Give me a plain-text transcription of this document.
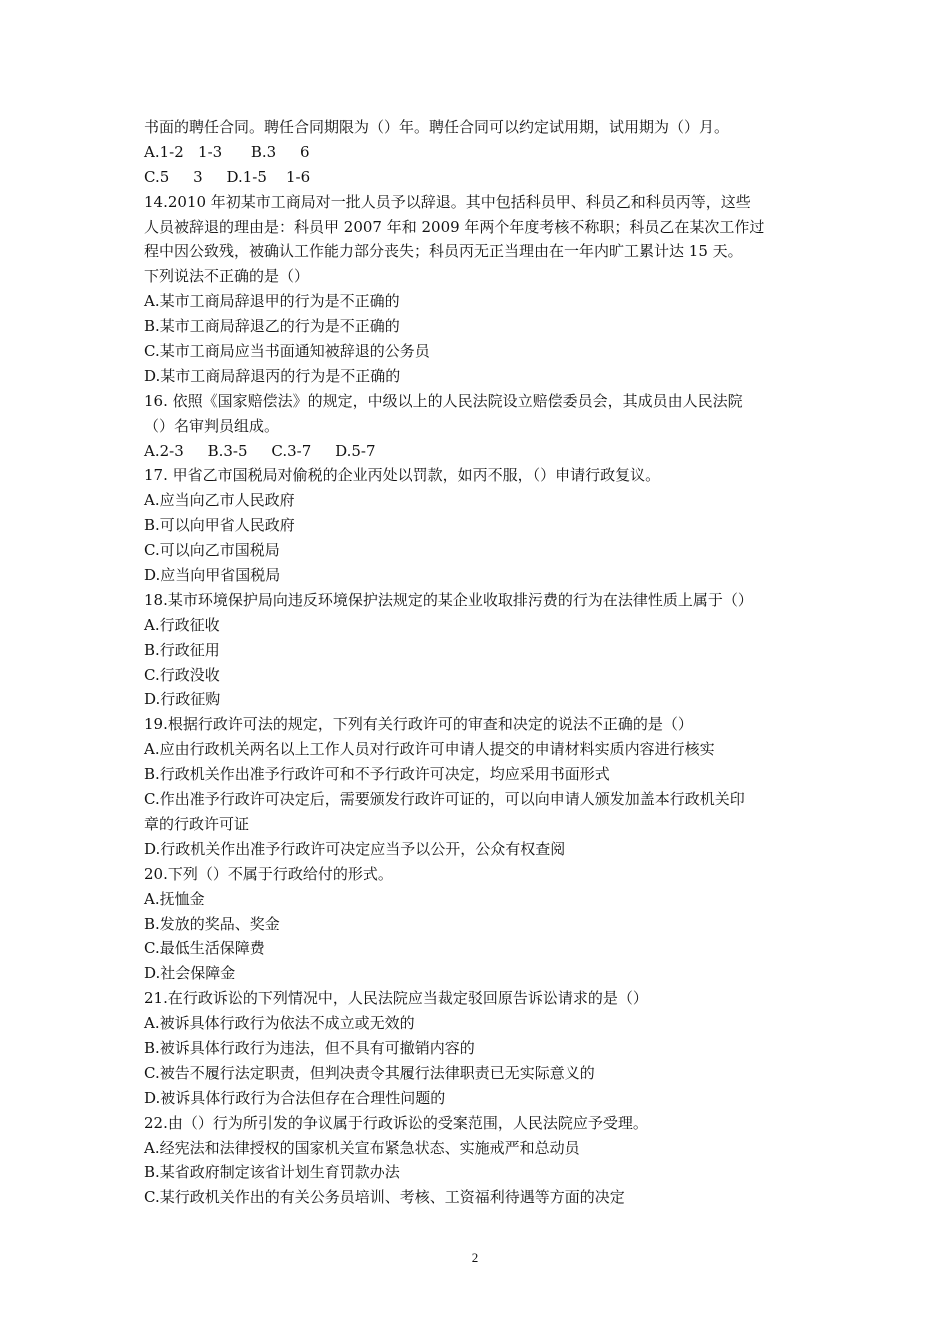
书面的聘任合同。聘任合同期限为（）年。聘任合同可以约定试用期，试用期为（）月。
A.1-2   1-3      B.3     6
C.5     3     D.1-5    1-6
14.2010 年初某市工商局对一批人员予以辞退。其中包括科员甲、科员乙和科员丙等，这些
人员被辞退的理由是：科员甲 2007 年和 2009 年两个年度考核不称职；科员乙在某次工作过
程中因公致残，被确认工作能力部分丧失；科员丙无正当理由在一年内旷工累计达 15 天。
下列说法不正确的是（）
A.某市工商局辞退甲的行为是不正确的
B.某市工商局辞退乙的行为是不正确的
C.某市工商局应当书面通知被辞退的公务员
D.某市工商局辞退丙的行为是不正确的
16. 依照《国家赔偿法》的规定，中级以上的人民法院设立赔偿委员会，其成员由人民法院
（）名审判员组成。
A.2-3     B.3-5     C.3-7     D.5-7
17. 甲省乙市国税局对偷税的企业丙处以罚款，如丙不服，（）申请行政复议。
A.应当向乙市人民政府
B.可以向甲省人民政府
C.可以向乙市国税局
D.应当向甲省国税局
18.某市环境保护局向违反环境保护法规定的某企业收取排污费的行为在法律性质上属于（）
A.行政征收
B.行政征用
C.行政没收
D.行政征购
19.根据行政许可法的规定，下列有关行政许可的审查和决定的说法不正确的是（）
A.应由行政机关两名以上工作人员对行政许可申请人提交的申请材料实质内容进行核实
B.行政机关作出准予行政许可和不予行政许可决定，均应采用书面形式
C.作出准予行政许可决定后，需要颁发行政许可证的，可以向申请人颁发加盖本行政机关印
章的行政许可证
D.行政机关作出准予行政许可决定应当予以公开，公众有权查阅
20.下列（）不属于行政给付的形式。
A.抚恤金
B.发放的奖品、奖金
C.最低生活保障费
D.社会保障金
21.在行政诉讼的下列情况中，人民法院应当裁定驳回原告诉讼请求的是（）
A.被诉具体行政行为依法不成立或无效的
B.被诉具体行政行为违法，但不具有可撤销内容的
C.被告不履行法定职责，但判决责令其履行法律职责已无实际意义的
D.被诉具体行政行为合法但存在合理性问题的
22.由（）行为所引发的争议属于行政诉讼的受案范围，人民法院应予受理。
A.经宪法和法律授权的国家机关宣布紧急状态、实施戒严和总动员
B.某省政府制定该省计划生育罚款办法
C.某行政机关作出的有关公务员培训、考核、工资福利待遇等方面的决定
2
